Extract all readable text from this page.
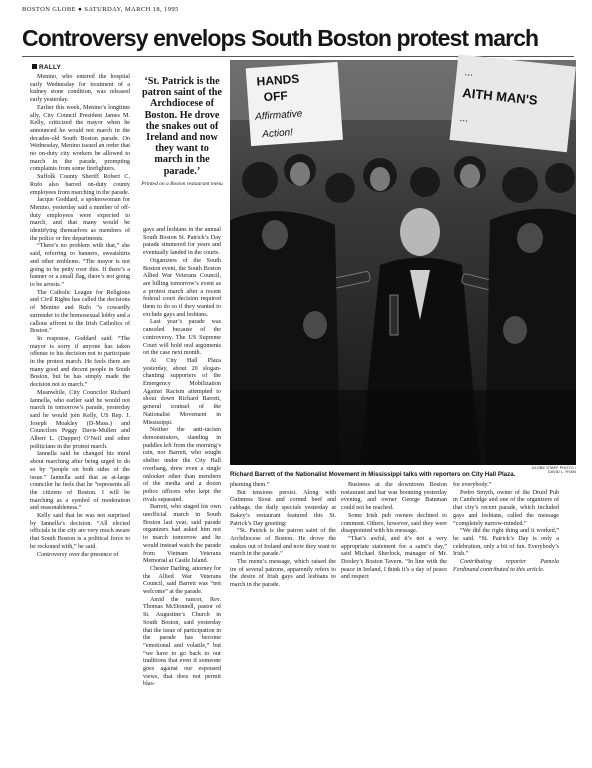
BOSTON GLOBE ● SATURDAY, MARCH 18, 1995
Controversy envelops South Boston protest march
RALLY

Menino, who entered the hospital early Wednesday for treatment of a kidney stone condition, was released early yesterday.

Earlier this week, Menino’s longtime ally, City Council President James M. Kelly, criticized the mayor when he announced he would not march in the decades-old South Boston parade. On Wednesday, Menino issued an order that no on-duty city workers be allowed to march in the parade, prompting complaints from some firefighters.

Suffolk County Sheriff Robert C. Rufo also barred on-duty county employees from marching in the parade.

Jacque Goddard, a spokeswoman for Menino, yesterday said a number of off-duty employees were expected to march, and that many would be identifying themselves as members of the police or fire departments.

“There’s no problem with that,” she said, referring to banners, sweatshirts and other emblems. “The mayor is not going to be petty over this. If there’s a banner or a small flag, there’s not going to be arrests.”

The Catholic League for Religious and Civil Rights has called the decisions of Menino and Rufo “a cowardly surrender to the homosexual lobby and a callous affront to the Irish Catholics of Boston.”

In response, Goddard said: “The mayor is sorry if anyone has taken offense to his decision not to participate in the protest march. He feels there are many good and decent people in South Boston, but he has simply made the decision not to march.”

Meanwhile, City Councilor Richard Iannella, who earlier said he would not march in tomorrow’s parade, yesterday said he would join Kelly, US Rep. J. Joseph Moakley (D-Mass.) and Councilors Peggy Davis-Mullen and Albert L. (Dapper) O’Neil and other politicians in the protest march.

Iannella said he changed his mind about marching after being urged to do so by “people on both sides of the issue.” Iannella said that as at-large councilor he feels that he “represents all the citizens of Boston. I will be marching as a symbol of moderation and reasonableness.”

Kelly said that he was not surprised by Iannella’s decision. “All elected officials in the city are very much aware that South Boston is a political force to be reckoned with,” he said.

Controversy over the presence of

‘St. Patrick is the patron saint of the Archdiocese of Boston. He drove the snakes out of Ireland and now they want to march in the parade.’
Printed on a Boston restaurant menu

gays and lesbians in the annual South Boston St. Patrick’s Day parade simmered for years and eventually landed in the courts.

Organizers of the South Boston event, the South Boston Allied War Veterans Council, are billing tomorrow’s event as a protest march after a recent federal court decision required them to do so if they wanted to exclude gays and lesbians.

Last year’s parade was canceled because of the controversy. The US Supreme Court will hold oral arguments on the case next month.

At City Hall Plaza yesterday, about 20 slogan-chanting supporters of the Emergency Mobilization Against Racism attempted to shout down Richard Barrett, general counsel of the Nationalist Movement in Mississippi.

Neither the anti-racism demonstrators, standing in puddles left from the morning’s rain, nor Barrett, who sought shelter under the City Hall overhang, drew even a single onlooker other than members of the media and a dozen police officers who kept the rivals separated.

Barrett, who staged his own unofficial march in South Boston last year, said parade organizers had asked him not to march tomorrow and he would instead watch the parade from Vietnam Veterans Memorial at Castle Island.

Chester Darling, attorney for the Allied War Veterans Council, said Barrett was “not welcome” at the parade.

Amid the rancor, Rev. Thomas McDonnell, pastor of St. Augustine’s Church in South Boston, said yesterday that the issue of participation in the parade has become “emotional and volatile,” but “we have to go back to our traditions that even if someone goes against our espoused views, that does not permit blas-

HANDS
OFF
Affirmative
Action!
...
AITH MAN'S
...
GLOBE STAFF PHOTO / DAVID L. RYAN
Richard Barrett of the Nationalist Movement in Mississippi talks with reporters on City Hall Plaza.

pheming them.”

But tensions persist. Along with Guinness Stout and corned beef and cabbage, the daily specials yesterday at Bakey’s restaurant featured this St. Patrick’s Day greeting:

“St. Patrick is the patron saint of the Archdiocese of Boston. He drove the snakes out of Ireland and now they want to march in the parade.”

The menu’s message, which raised the ire of several patrons, apparently refers to the desire of Irish gays and lesbians to march in the parade.

Business at the downtown Boston restaurant and bar was booming yesterday evening, and owner George Bateman could not be reached.

Some Irish pub owners declined to comment. Others, however, said they were disappointed with his message.

“That’s awful, and it’s not a very appropriate statement for a saint’s day,” said Michael Sherlock, manager of Mr. Dooley’s Boston Tavern. “In line with the peace in Ireland, I think it’s a day of peace and respect

for everybody.”

Pedro Smyth, owner of the Druid Pub in Cambridge and one of the organizers of that city’s recent parade, which included gays and lesbians, called the message “completely narrow-minded.”

“We did the right thing and it worked,” he said. “St. Patrick’s Day is only a celebration, only a bit of fun. Everybody’s Irish.”

Contributing reporter Pamela Ferdinand contributed to this article.
